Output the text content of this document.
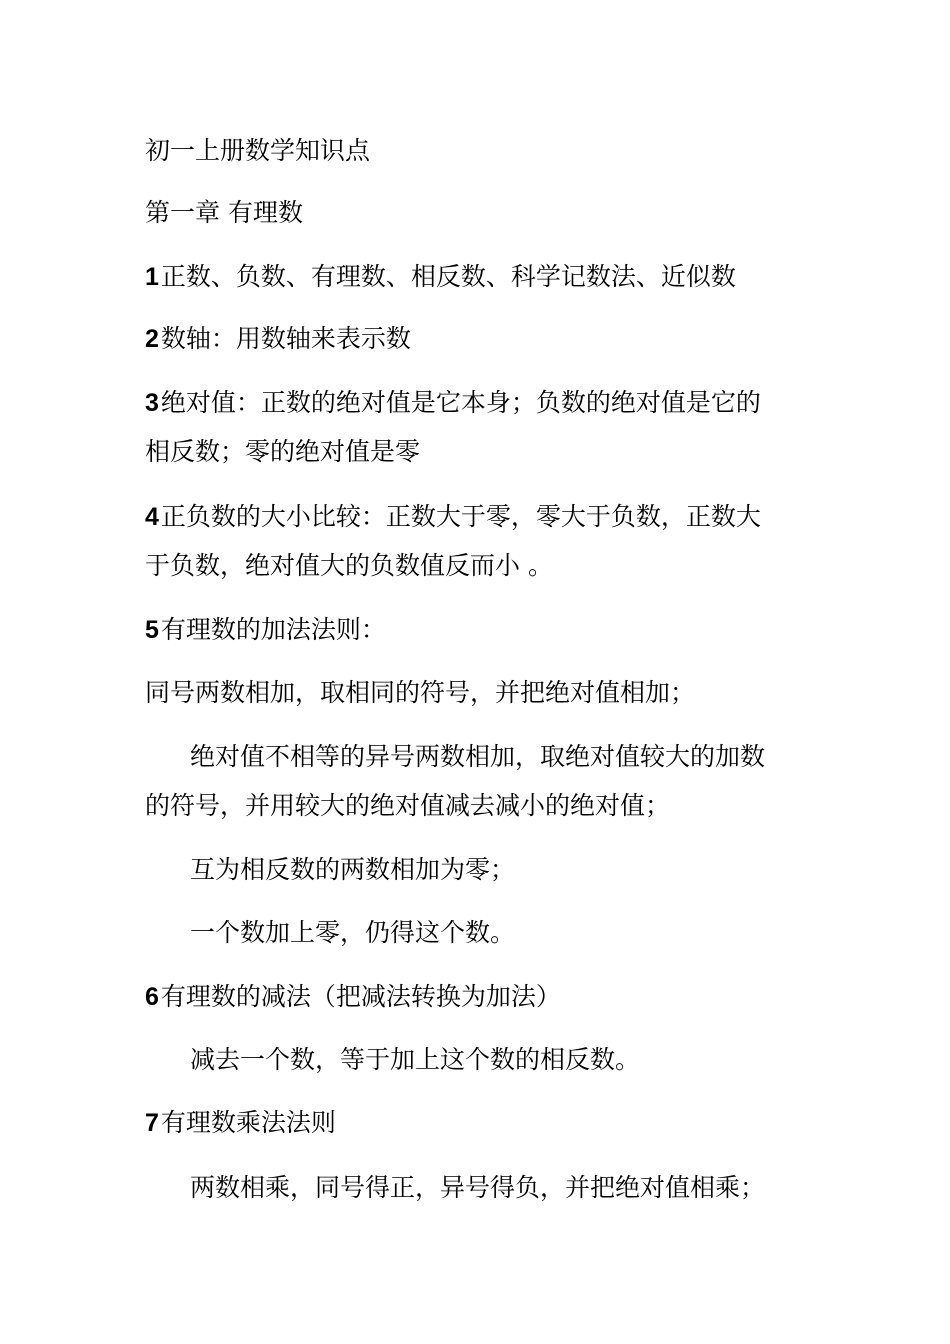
初一上册数学知识点
第一章 有理数
1正数、负数、有理数、相反数、科学记数法、近似数
2数轴：用数轴来表示数
3绝对值：正数的绝对值是它本身；负数的绝对值是它的
相反数；零的绝对值是零
4正负数的大小比较：正数大于零，零大于负数，正数大
于负数，绝对值大的负数值反而小 。
5有理数的加法法则：
同号两数相加，取相同的符号，并把绝对值相加；
绝对值不相等的异号两数相加，取绝对值较大的加数
的符号，并用较大的绝对值减去减小的绝对值；
互为相反数的两数相加为零；
一个数加上零，仍得这个数。
6有理数的减法（把减法转换为加法）
减去一个数，等于加上这个数的相反数。
7有理数乘法法则
两数相乘，同号得正，异号得负，并把绝对值相乘；
